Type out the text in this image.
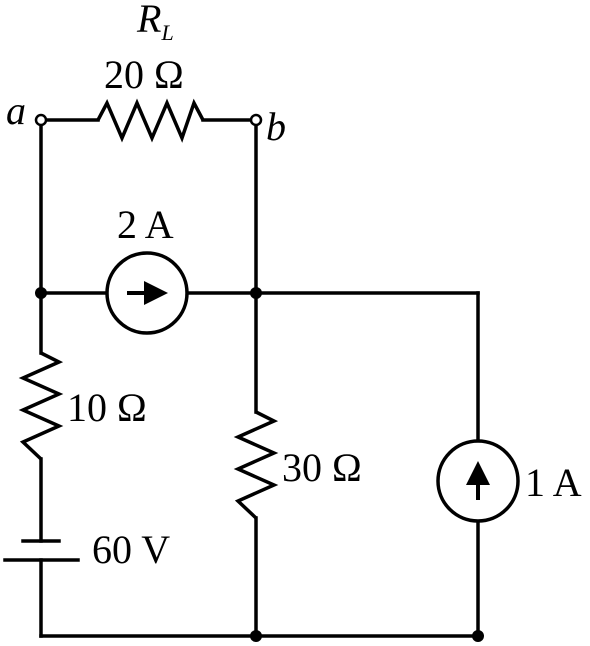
$R_L$
20 Ω
a	b
2 A
10 Ω
30 Ω	1 A
60 V
